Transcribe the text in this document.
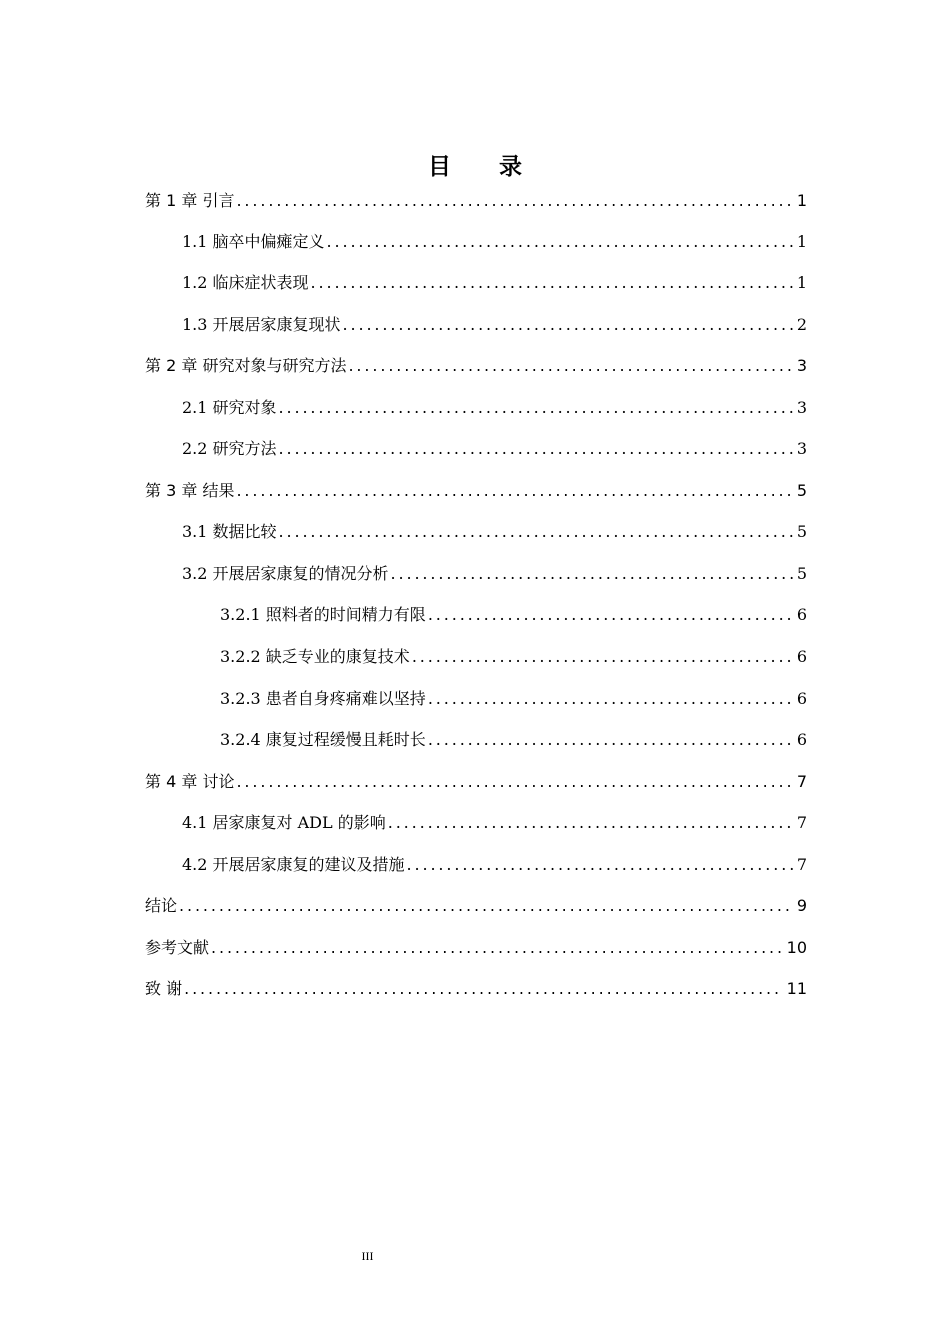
目 录
第 1 章 引言 . . .	1
1.1 脑卒中偏瘫定义 . . .	1
1.2 临床症状表现 . . .	1
1.3 开展居家康复现状 . . .	2
第 2 章 研究对象与研究方法 . . .	3
2.1 研究对象 . . .	3
2.2 研究方法 . . .	3
第 3 章 结果 . . .	5
3.1 数据比较 . . .	5
3.2 开展居家康复的情况分析 . . .	5
3.2.1 照料者的时间精力有限 . . .	6
3.2.2 缺乏专业的康复技术 . . .	6
3.2.3 患者自身疼痛难以坚持 . . .	6
3.2.4 康复过程缓慢且耗时长 . . .	6
第 4 章 讨论 . . .	7
4.1 居家康复对 ADL 的影响 . . .	7
4.2 开展居家康复的建议及措施 . . .	7
结论 . . .	9
参考文献 . . .	10
致 谢 . . .	11
III
